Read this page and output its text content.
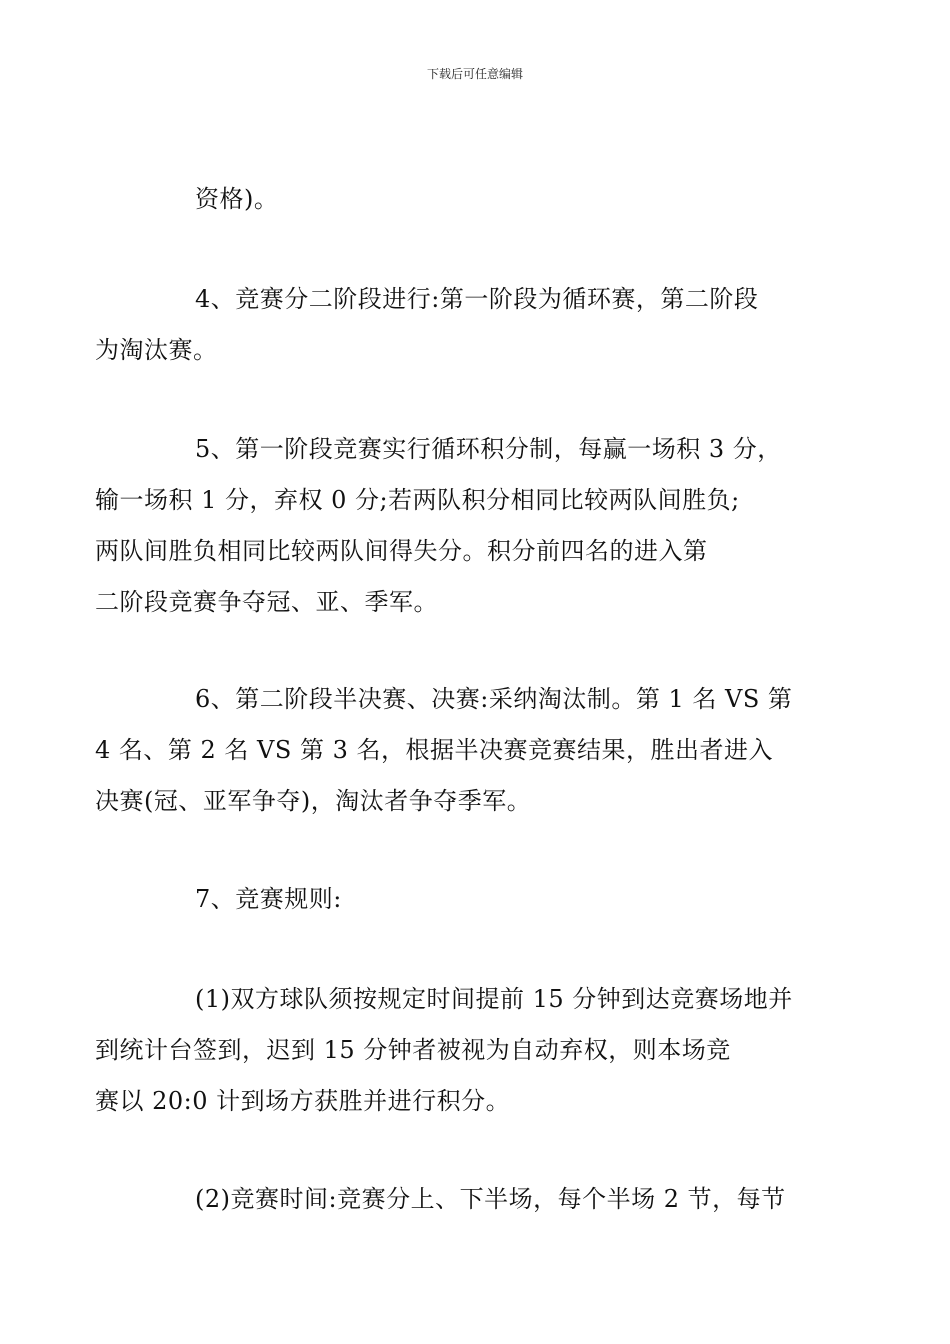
下载后可任意编辑
资格)。
4、竞赛分二阶段进行:第一阶段为循环赛，第二阶段
为淘汰赛。
5、第一阶段竞赛实行循环积分制，每赢一场积 3 分，
输一场积 1 分，弃权 0 分;若两队积分相同比较两队间胜负;
两队间胜负相同比较两队间得失分。积分前四名的进入第
二阶段竞赛争夺冠、亚、季军。
6、第二阶段半决赛、决赛:采纳淘汰制。第 1 名 VS 第
4 名、第 2 名 VS 第 3 名，根据半决赛竞赛结果，胜出者进入
决赛(冠、亚军争夺)，淘汰者争夺季军。
7、竞赛规则:
(1)双方球队须按规定时间提前 15 分钟到达竞赛场地并
到统计台签到，迟到 15 分钟者被视为自动弃权，则本场竞
赛以 20:0 计到场方获胜并进行积分。
(2)竞赛时间:竞赛分上、下半场，每个半场 2 节，每节
